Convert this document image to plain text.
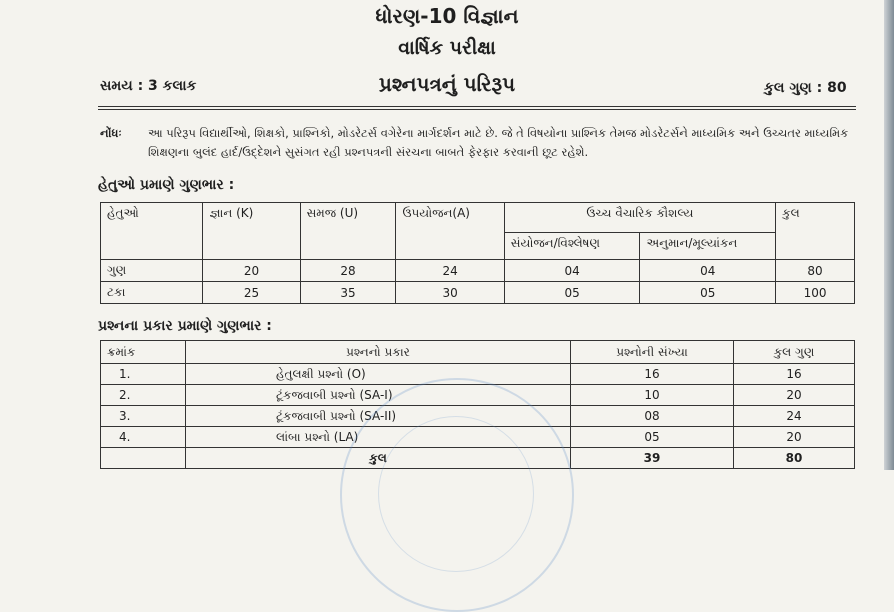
ધોરણ-10 વિજ્ઞાન
વાર્ષિક પરીક્ષા
પ્રશ્નપત્રનું પરિરૂપ
સમય : 3 કલાક	કુલ ગુણ : 80
નોંધઃ આ પરિરૂપ વિદ્યાર્થીઓ, શિક્ષકો, પ્રાશ્નિકો, મોડરેટર્સ વગેરેના માર્ગદર્શન માટે છે. જે તે વિષયોના પ્રાશ્નિક તેમજ મોડરેટર્સને માધ્યમિક અને ઉચ્ચતર માધ્યમિક શિક્ષણના બુલંદ હાર્દ/ઉદ્દેશને સુસંગત રહી પ્રશ્નપત્રની સંરચના બાબતે ફેરફાર કરવાની છૂટ રહેશે.
હેતુઓ પ્રમાણે ગુણભાર :
હેતુઓ	જ્ઞાન (K)	સમજ (U)	ઉપયોજન(A)	ઉચ્ચ વૈચારિક કૌશલ્ય		કુલ
				સંયોજન/વિશ્લેષણ	અનુમાન/મૂલ્યાંકન	
ગુણ	20	28	24	04	04	80
ટકા	25	35	30	05	05	100
પ્રશ્નના પ્રકાર પ્રમાણે ગુણભાર :
ક્રમાંક	પ્રશ્નનો પ્રકાર	પ્રશ્નોની સંખ્યા	કુલ ગુણ
1.	હેતુલક્ષી પ્રશ્નો (O)	16	16
2.	ટૂંકજવાબી પ્રશ્નો (SA-I)	10	20
3.	ટૂંકજવાબી પ્રશ્નો (SA-II)	08	24
4.	લાંબા પ્રશ્નો (LA)	05	20
	કુલ	39	80
